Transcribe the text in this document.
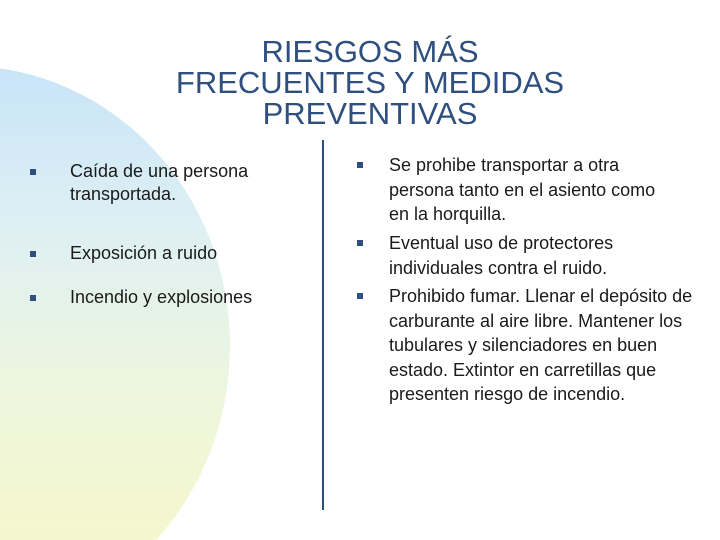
RIESGOS MÁS
FRECUENTES Y MEDIDAS
PREVENTIVAS
Caída de una persona transportada.
Exposición a ruido
Incendio y explosiones
Se prohibe transportar a otra persona tanto en el asiento como en la horquilla.
Eventual uso de protectores individuales contra el ruido.
Prohibido fumar. Llenar el depósito de carburante al aire libre. Mantener los tubulares y silenciadores en buen estado. Extintor en carretillas que presenten riesgo de incendio.
